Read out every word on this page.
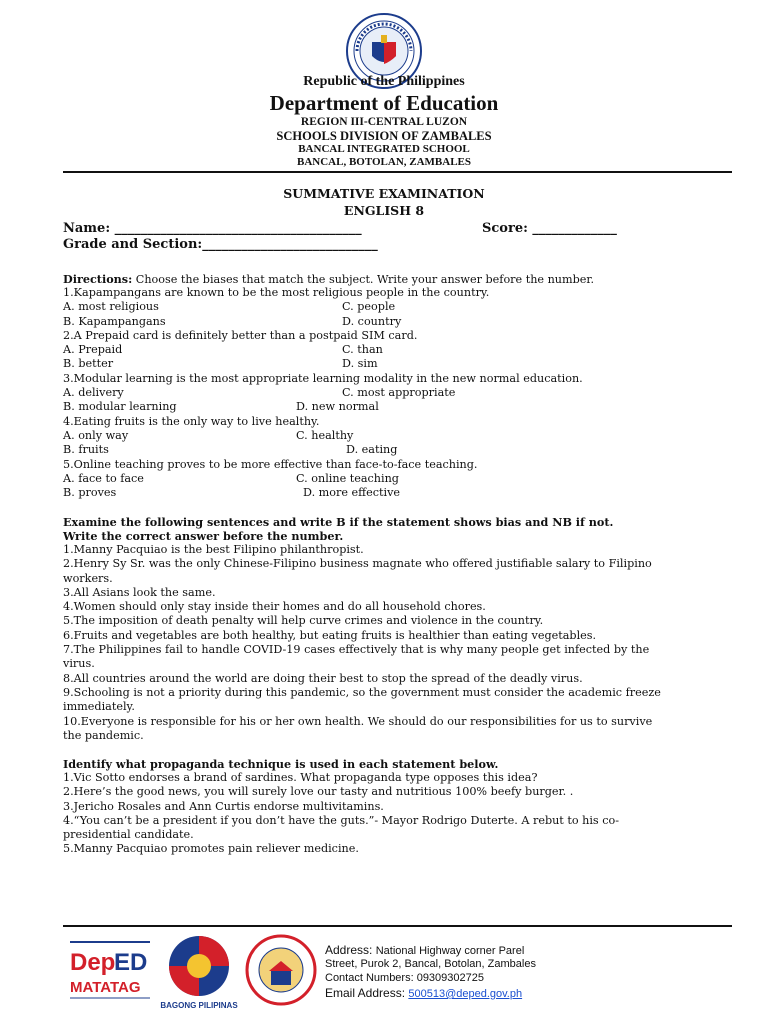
Republic of the Philippines
Department of Education
REGION III-CENTRAL LUZON
SCHOOLS DIVISION OF ZAMBALES
BANCAL INTEGRATED SCHOOL
BANCAL, BOTOLAN, ZAMBALES
SUMMATIVE EXAMINATION
ENGLISH 8
Name: ______________________________________	Score: _____________
Grade and Section:___________________________
Directions: Choose the biases that match the subject. Write your answer before the number.
1.Kapampangans are known to be the most religious people in the country.
A. most religious	C. people
B. Kapampangans	D. country
2.A Prepaid card is definitely better than a postpaid SIM card.
A. Prepaid	C. than
B. better	D. sim
3.Modular learning is the most appropriate learning modality in the new normal education.
A. delivery	C. most appropriate
B. modular learning	D. new normal
4.Eating fruits is the only way to live healthy.
A. only way	C. healthy
B. fruits	D. eating
5.Online teaching proves to be more effective than face-to-face teaching.
A. face to face	C. online teaching
B. proves	D. more effective
Examine the following sentences and write B if the statement shows bias and NB if not.
Write the correct answer before the number.
1.Manny Pacquiao is the best Filipino philanthropist.
2.Henry Sy Sr. was the only Chinese-Filipino business magnate who offered justifiable salary to Filipino
workers.
3.All Asians look the same.
4.Women should only stay inside their homes and do all household chores.
5.The imposition of death penalty will help curve crimes and violence in the country.
6.Fruits and vegetables are both healthy, but eating fruits is healthier than eating vegetables.
7.The Philippines fail to handle COVID-19 cases effectively that is why many people get infected by the
virus.
8.All countries around the world are doing their best to stop the spread of the deadly virus.
9.Schooling is not a priority during this pandemic, so the government must consider the academic freeze
immediately.
10.Everyone is responsible for his or her own health. We should do our responsibilities for us to survive
the pandemic.
Identify what propaganda technique is used in each statement below.
1.Vic Sotto endorses a brand of sardines. What propaganda type opposes this idea?
2.Here’s the good news, you will surely love our tasty and nutritious 100% beefy burger. .
3.Jericho Rosales and Ann Curtis endorse multivitamins.
4.“You can’t be a president if you don’t have the guts.”- Mayor Rodrigo Duterte. A rebut to his co-
presidential candidate.
5.Manny Pacquiao promotes pain reliever medicine.
Dep
ED
MATATAG
BAGONG PILIPINAS
Address: National Highway corner Parel
Street, Purok 2, Bancal, Botolan, Zambales
Contact Numbers: 09309302725
Email Address: 500513@deped.gov.ph
